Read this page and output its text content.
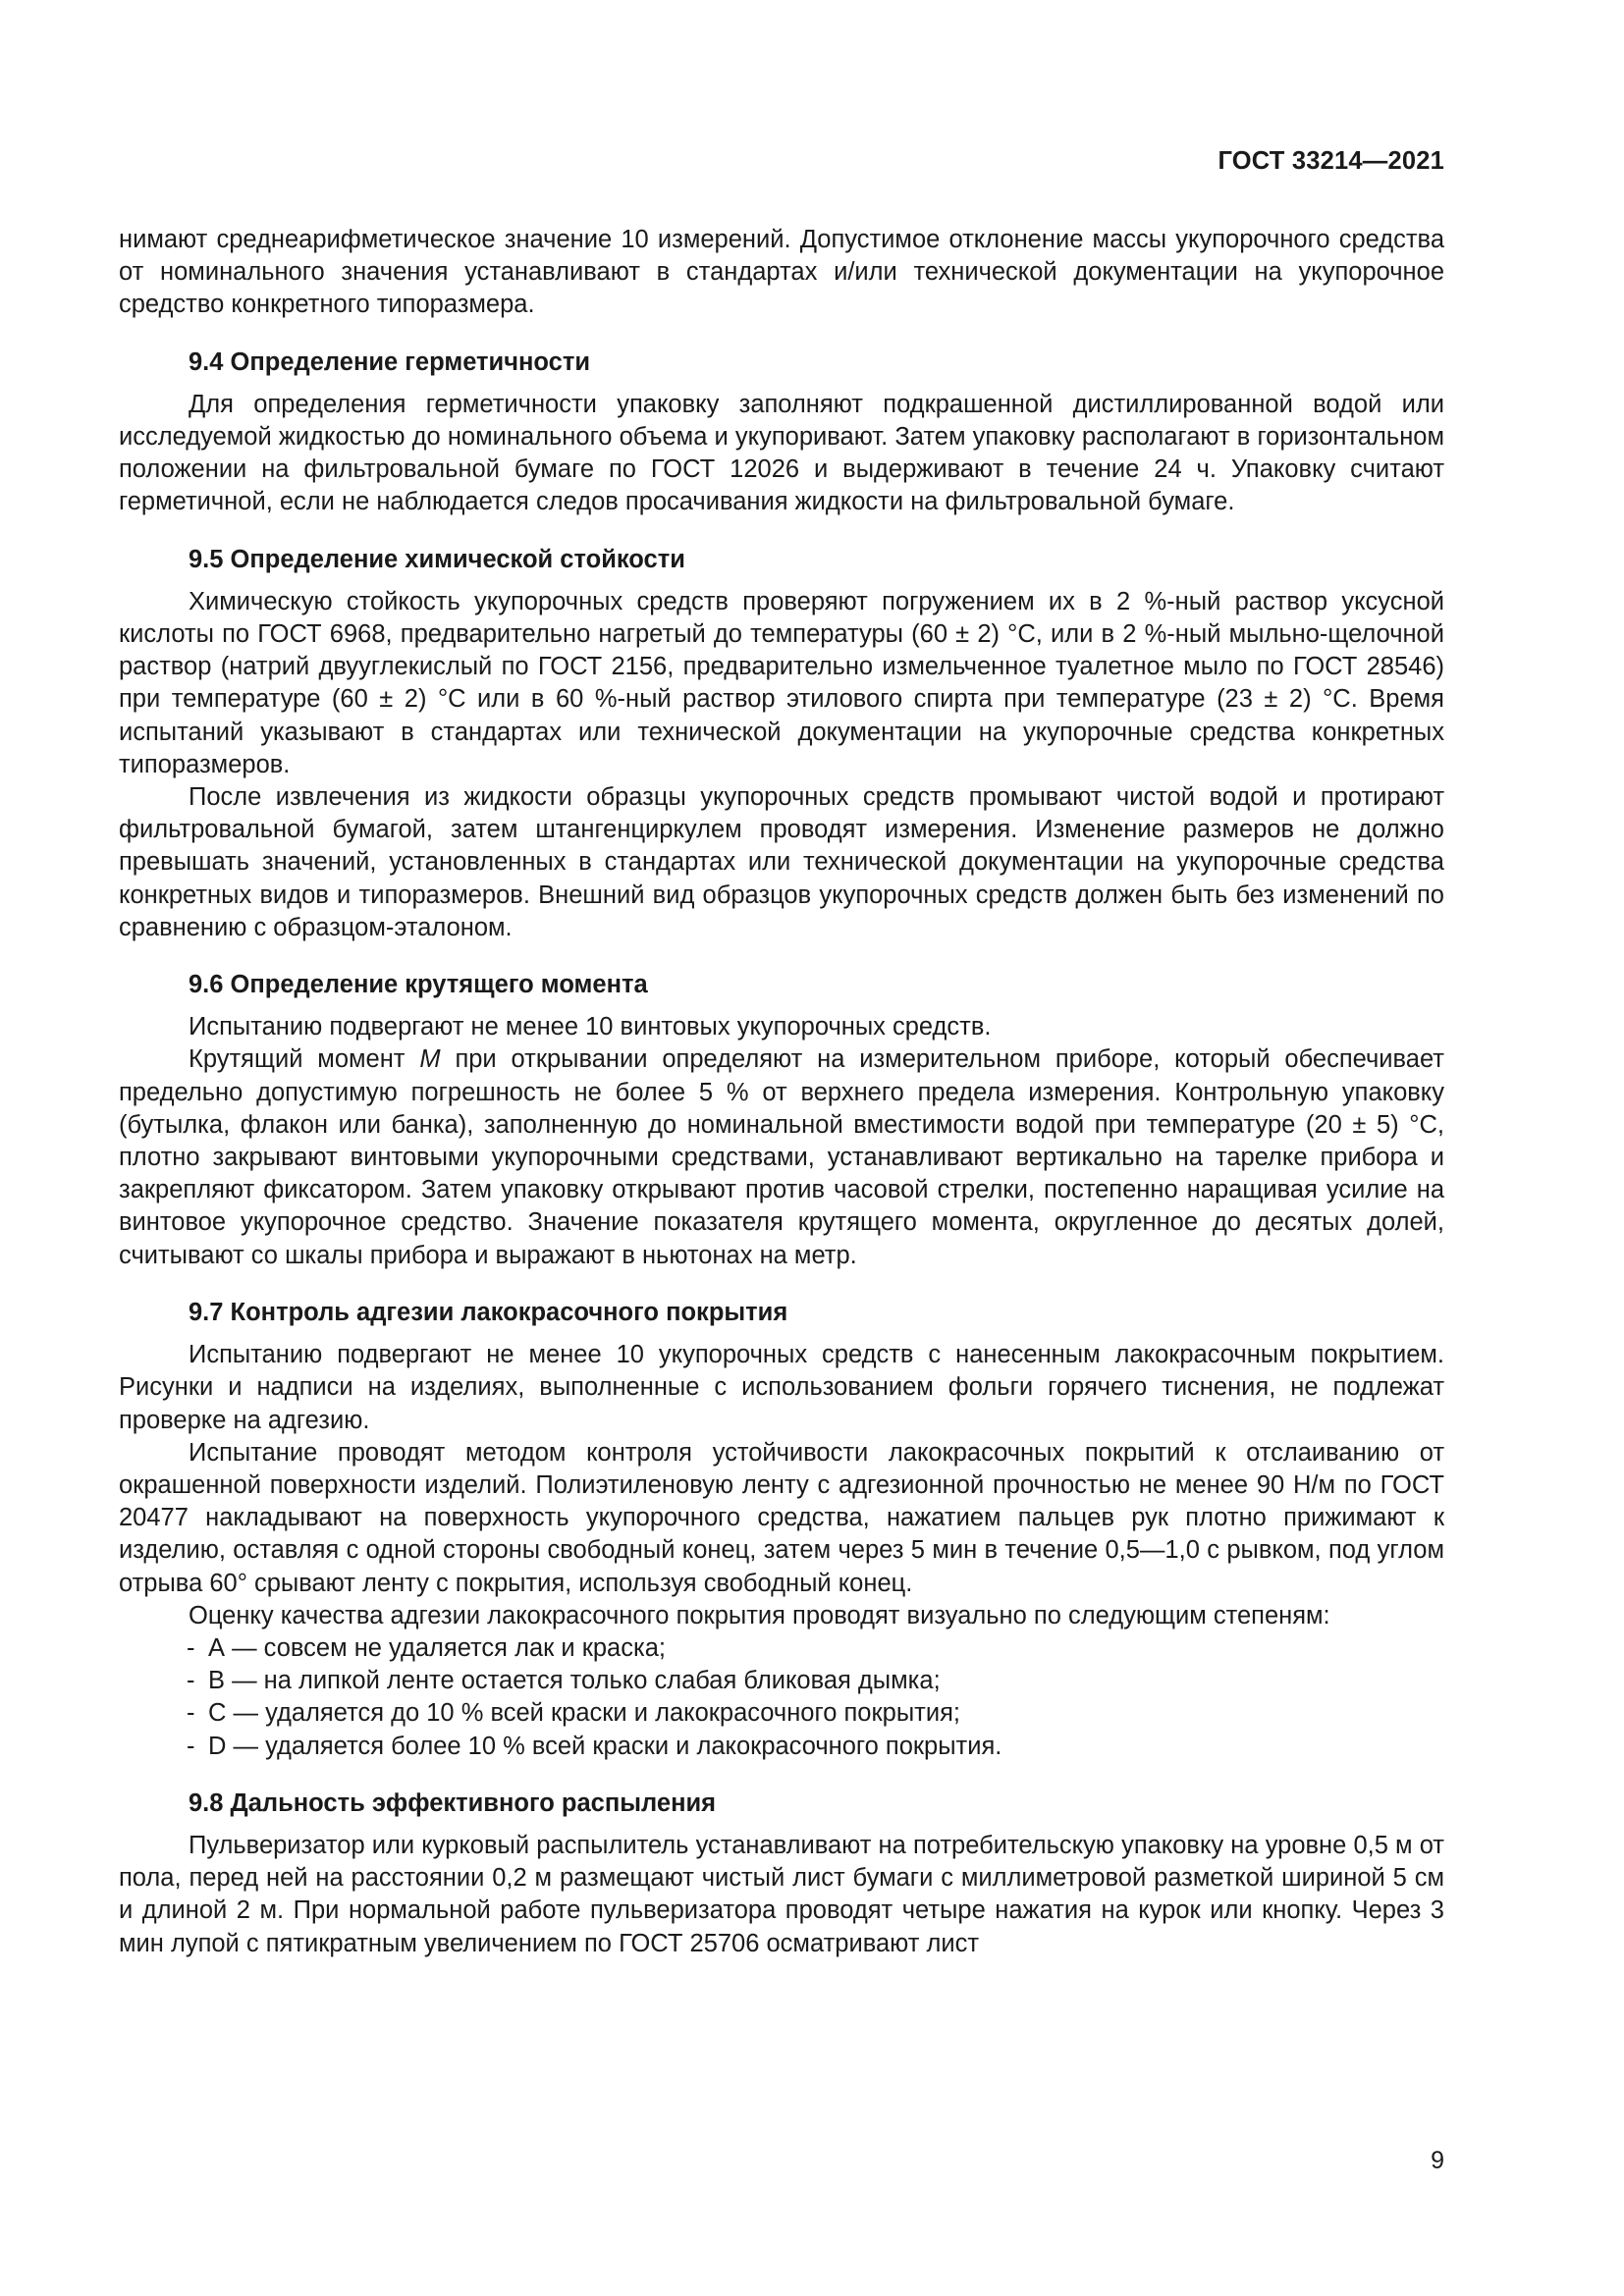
ГОСТ 33214—2021

нимают среднеарифметическое значение 10 измерений. Допустимое отклонение массы укупорочного средства от номинального значения устанавливают в стандартах и/или технической документации на укупорочное средство конкретного типоразмера.

9.4 Определение герметичности

Для определения герметичности упаковку заполняют подкрашенной дистиллированной водой или исследуемой жидкостью до номинального объема и укупоривают. Затем упаковку располагают в горизонтальном положении на фильтровальной бумаге по ГОСТ 12026 и выдерживают в течение 24 ч. Упаковку считают герметичной, если не наблюдается следов просачивания жидкости на фильтровальной бумаге.

9.5 Определение химической стойкости

Химическую стойкость укупорочных средств проверяют погружением их в 2 %-ный раствор уксусной кислоты по ГОСТ 6968, предварительно нагретый до температуры (60 ± 2) °С, или в 2 %-ный мыльно-щелочной раствор (натрий двууглекислый по ГОСТ 2156, предварительно измельченное туалетное мыло по ГОСТ 28546) при температуре (60 ± 2) °С или в 60 %-ный раствор этилового спирта при температуре (23 ± 2) °С. Время испытаний указывают в стандартах или технической документации на укупорочные средства конкретных типоразмеров.

После извлечения из жидкости образцы укупорочных средств промывают чистой водой и протирают фильтровальной бумагой, затем штангенциркулем проводят измерения. Изменение размеров не должно превышать значений, установленных в стандартах или технической документации на укупорочные средства конкретных видов и типоразмеров. Внешний вид образцов укупорочных средств должен быть без изменений по сравнению с образцом-эталоном.

9.6 Определение крутящего момента

Испытанию подвергают не менее 10 винтовых укупорочных средств.

Крутящий момент M при открывании определяют на измерительном приборе, который обеспечивает предельно допустимую погрешность не более 5 % от верхнего предела измерения. Контрольную упаковку (бутылка, флакон или банка), заполненную до номинальной вместимости водой при температуре (20 ± 5) °С, плотно закрывают винтовыми укупорочными средствами, устанавливают вертикально на тарелке прибора и закрепляют фиксатором. Затем упаковку открывают против часовой стрелки, постепенно наращивая усилие на винтовое укупорочное средство. Значение показателя крутящего момента, округленное до десятых долей, считывают со шкалы прибора и выражают в ньютонах на метр.

9.7 Контроль адгезии лакокрасочного покрытия

Испытанию подвергают не менее 10 укупорочных средств с нанесенным лакокрасочным покрытием. Рисунки и надписи на изделиях, выполненные с использованием фольги горячего тиснения, не подлежат проверке на адгезию.

Испытание проводят методом контроля устойчивости лакокрасочных покрытий к отслаиванию от окрашенной поверхности изделий. Полиэтиленовую ленту с адгезионной прочностью не менее 90 Н/м по ГОСТ 20477 накладывают на поверхность укупорочного средства, нажатием пальцев рук плотно прижимают к изделию, оставляя с одной стороны свободный конец, затем через 5 мин в течение 0,5—1,0 с рывком, под углом отрыва 60° срывают ленту с покрытия, используя свободный конец.

Оценку качества адгезии лакокрасочного покрытия проводят визуально по следующим степеням:

- А — совсем не удаляется лак и краска;
- В — на липкой ленте остается только слабая бликовая дымка;
- С — удаляется до 10 % всей краски и лакокрасочного покрытия;
- D — удаляется более 10 % всей краски и лакокрасочного покрытия.

9.8 Дальность эффективного распыления

Пульверизатор или курковый распылитель устанавливают на потребительскую упаковку на уровне 0,5 м от пола, перед ней на расстоянии 0,2 м размещают чистый лист бумаги с миллиметровой разметкой шириной 5 см и длиной 2 м. При нормальной работе пульверизатора проводят четыре нажатия на курок или кнопку. Через 3 мин лупой с пятикратным увеличением по ГОСТ 25706 осматривают лист

9
